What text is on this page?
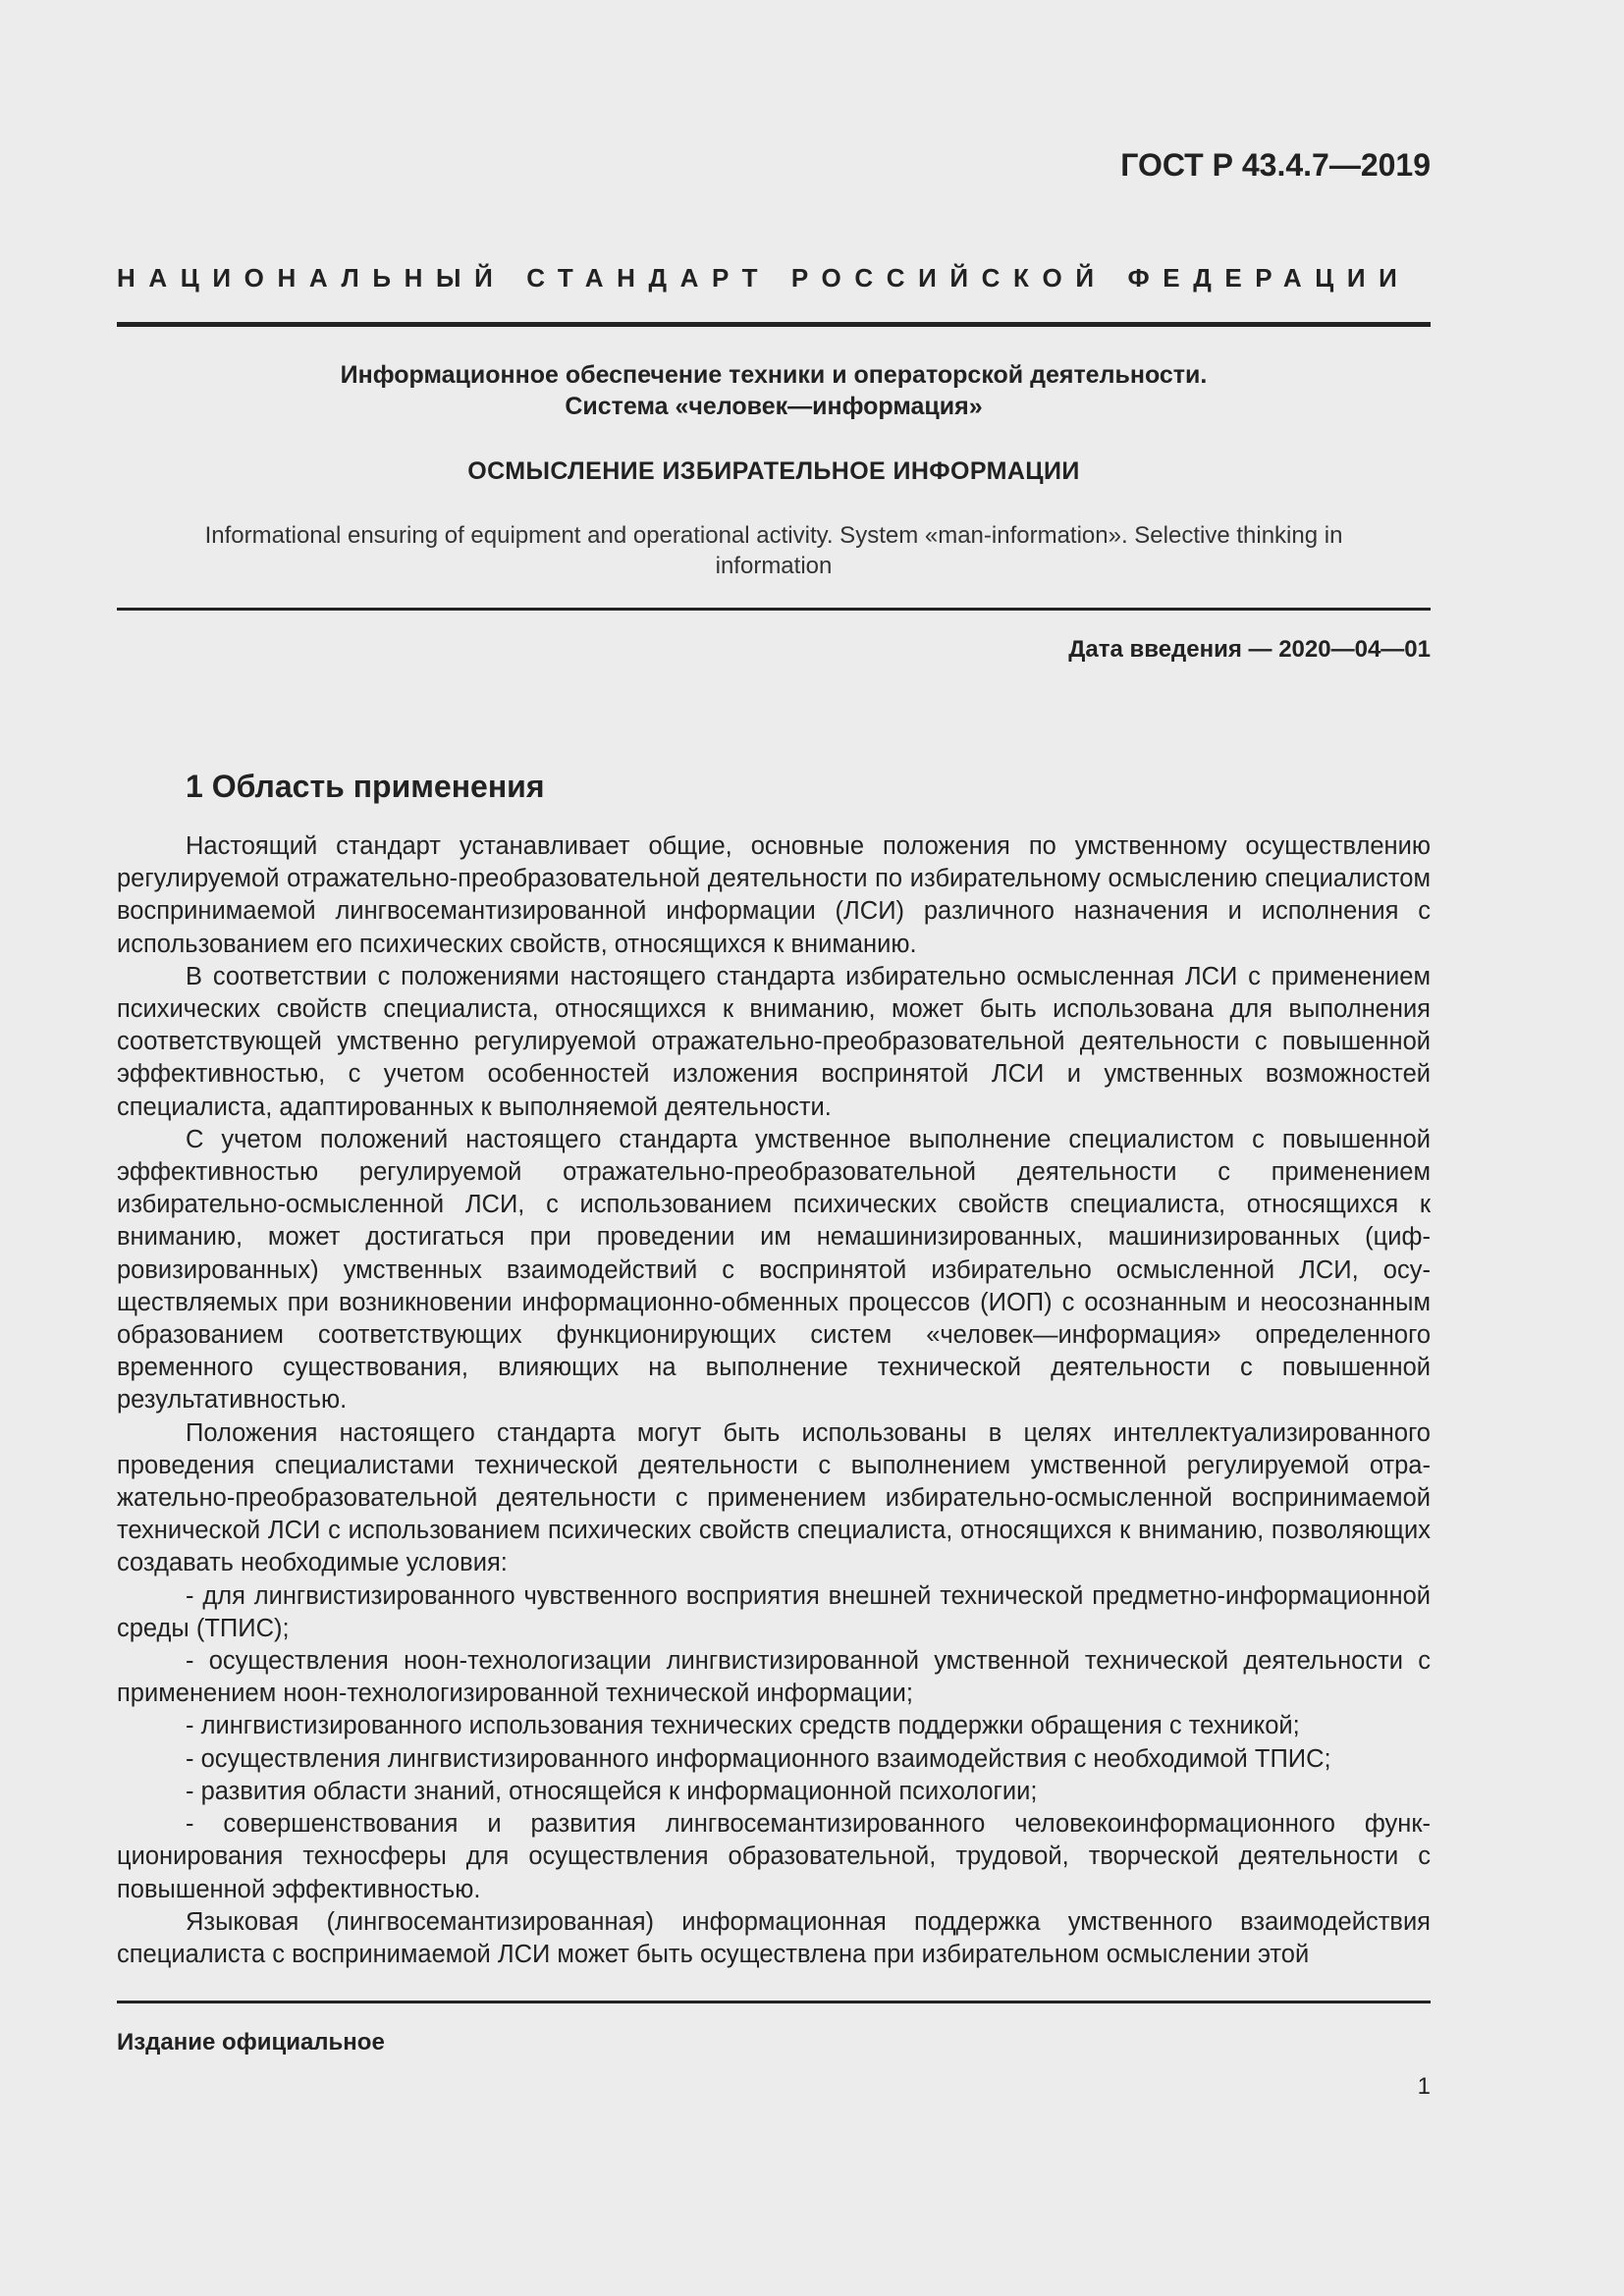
ГОСТ Р 43.4.7—2019
НАЦИОНАЛЬНЫЙ СТАНДАРТ РОССИЙСКОЙ ФЕДЕРАЦИИ
Информационное обеспечение техники и операторской деятельности.
Система «человек—информация»
ОСМЫСЛЕНИЕ ИЗБИРАТЕЛЬНОЕ ИНФОРМАЦИИ
Informational ensuring of equipment and operational activity. System «man-information». Selective thinking in information
Дата введения — 2020—04—01
1 Область применения

Настоящий стандарт устанавливает общие, основные положения по умственному осуществлению регулируемой отражательно-преобразовательной деятельности по избирательному осмыслению специалистом воспринимаемой лингвосемантизированной информации (ЛСИ) различного назначения и исполнения с использованием его психических свойств, относящихся к вниманию.

В соответствии с положениями настоящего стандарта избирательно осмысленная ЛСИ с применением психических свойств специалиста, относящихся к вниманию, может быть использована для выполнения соответствующей умственно регулируемой отражательно-преобразовательной деятельности с повышенной эффективностью, с учетом особенностей изложения воспринятой ЛСИ и умственных возможностей специалиста, адаптированных к выполняемой деятельности.

С учетом положений настоящего стандарта умственное выполнение специалистом с повышенной эффективностью регулируемой отражательно-преобразовательной деятельности с применением избирательно-осмысленной ЛСИ, с использованием психических свойств специалиста, относящихся к вниманию, может достигаться при проведении им немашинизированных, машинизированных (цифровизированных) умственных взаимодействий с воспринятой избирательно осмысленной ЛСИ, осуществляемых при возникновении информационно-обменных процессов (ИОП) с осознанным и неосознанным образованием соответствующих функционирующих систем «человек—информация» определенного временного существования, влияющих на выполнение технической деятельности с повышенной результативностью.

Положения настоящего стандарта могут быть использованы в целях интеллектуализированного проведения специалистами технической деятельности с выполнением умственной регулируемой отражательно-преобразовательной деятельности с применением избирательно-осмысленной воспринимаемой технической ЛСИ с использованием психических свойств специалиста, относящихся к вниманию, позволяющих создавать необходимые условия:

- для лингвистизированного чувственного восприятия внешней технической предметно-информационной среды (ТПИС);

- осуществления ноон-технологизации лингвистизированной умственной технической деятельности с применением ноон-технологизированной технической информации;

- лингвистизированного использования технических средств поддержки обращения с техникой;

- осуществления лингвистизированного информационного взаимодействия с необходимой ТПИС;

- развития области знаний, относящейся к информационной психологии;

- совершенствования и развития лингвосемантизированного человекоинформационного функционирования техносферы для осуществления образовательной, трудовой, творческой деятельности с повышенной эффективностью.

Языковая (лингвосемантизированная) информационная поддержка умственного взаимодействия специалиста с воспринимаемой ЛСИ может быть осуществлена при избирательном осмыслении этой

Издание официальное
1
